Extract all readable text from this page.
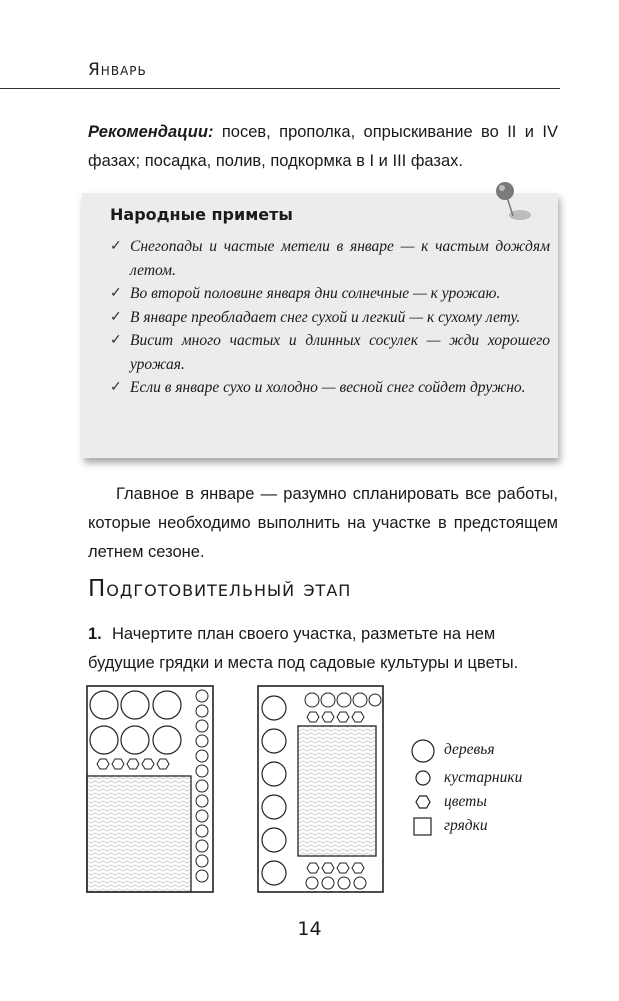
Январь
Рекомендации: посев, прополка, опрыскивание во II и IV фазах; посадка, полив, подкормка в I и III фазах.
Народные приметы
✓ Снегопады и частые метели в январе — к частым дождям летом.
✓ Во второй половине января дни солнечные — к урожаю.
✓ В январе преобладает снег сухой и легкий — к сухому лету.
✓ Висит много частых и длинных сосулек — жди хорошего урожая.
✓ Если в январе сухо и холодно — весной снег сойдет дружно.
Главное в январе — разумно спланировать все работы, которые необходимо выполнить на участке в предстоящем летнем сезоне.
Подготовительный этап
1. Начертите план своего участка, разметьте на нем будущие грядки и места под садовые культуры и цветы.
деревья
кустарники
цветы
грядки
14
